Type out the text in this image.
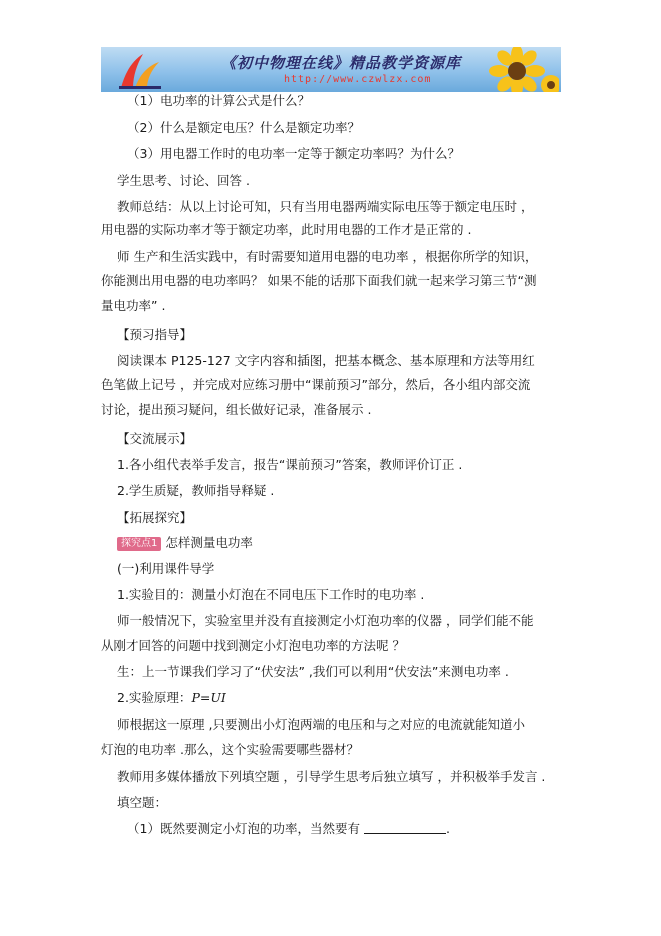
《初中物理在线》精品教学资源库
http://www.czwlzx.com
（1）电功率的计算公式是什么？
（2）什么是额定电压？什么是额定功率？
（3）用电器工作时的电功率一定等于额定功率吗？为什么？
学生思考、讨论、回答 .
教师总结：从以上讨论可知，只有当用电器两端实际电压等于额定电压时 ，
用电器的实际功率才等于额定功率，此时用电器的工作才是正常的 .
师 生产和生活实践中，有时需要知道用电器的电功率 ，根据你所学的知识，
你能测出用电器的电功率吗？ 如果不能的话那下面我们就一起来学习第三节“测
量电功率” .
【预习指导】
阅读课本 P125-127 文字内容和插图，把基本概念、基本原理和方法等用红
色笔做上记号 ，并完成对应练习册中“课前预习”部分，然后，各小组内部交流
讨论，提出预习疑问，组长做好记录，准备展示 .
【交流展示】
1.各小组代表举手发言，报告“课前预习”答案，教师评价订正 .
2.学生质疑，教师指导释疑 .
【拓展探究】
探究点1 怎样测量电功率
(一)利用课件导学
1.实验目的：测量小灯泡在不同电压下工作时的电功率 .
师一般情况下，实验室里并没有直接测定小灯泡功率的仪器 ，同学们能不能
从刚才回答的问题中找到测定小灯泡电功率的方法呢 ？
生：上一节课我们学习了“伏安法” ,我们可以利用“伏安法”来测电功率 .
2.实验原理：P=UI
师根据这一原理 ,只要测出小灯泡两端的电压和与之对应的电流就能知道小
灯泡的电功率 .那么，这个实验需要哪些器材？
教师用多媒体播放下列填空题 ，引导学生思考后独立填写 ，并积极举手发言 .
填空题：
（1）既然要测定小灯泡的功率，当然要有	.
